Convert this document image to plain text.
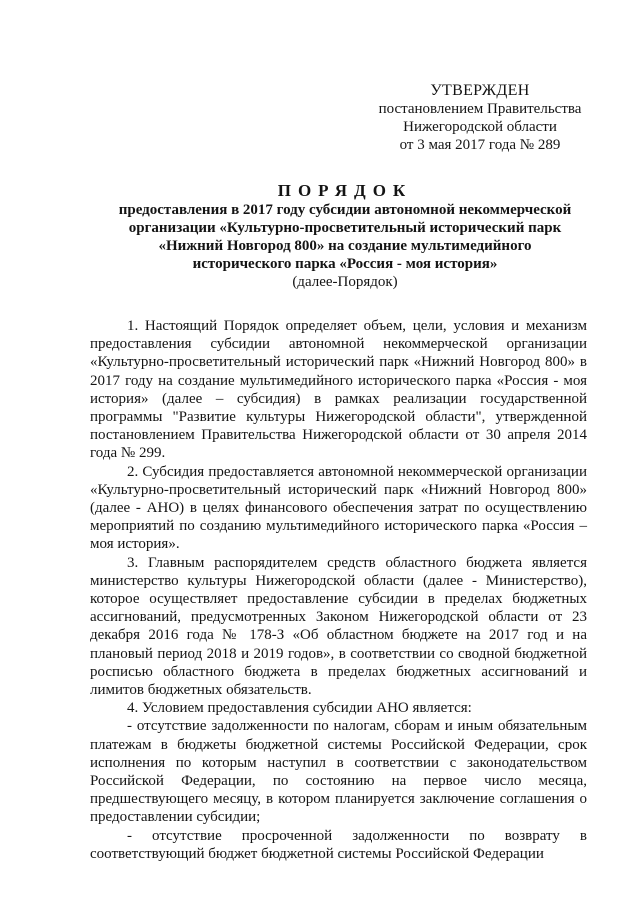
УТВЕРЖДЕН
постановлением Правительства
Нижегородской области
от 3 мая 2017 года № 289
ПОРЯДОК
предоставления в 2017 году субсидии автономной некоммерческой
организации «Культурно-просветительный исторический парк
«Нижний Новгород 800» на создание мультимедийного
исторического парка «Россия - моя история»
(далее-Порядок)

1. Настоящий Порядок определяет объем, цели, условия и механизм предоставления субсидии автономной некоммерческой организации «Культурно-просветительный исторический парк «Нижний Новгород 800» в 2017 году на создание мультимедийного исторического парка «Россия - моя история» (далее – субсидия) в рамках реализации государственной программы "Развитие культуры Нижегородской области", утвержденной постановлением Правительства Нижегородской области от 30 апреля 2014 года № 299.

2. Субсидия предоставляется автономной некоммерческой организации «Культурно-просветительный исторический парк «Нижний Новгород 800» (далее - АНО) в целях финансового обеспечения затрат по осуществлению мероприятий по созданию мультимедийного исторического парка «Россия – моя история».

3. Главным распорядителем средств областного бюджета является министерство культуры Нижегородской области (далее - Министерство), которое осуществляет предоставление субсидии в пределах бюджетных ассигнований, предусмотренных Законом Нижегородской области от 23 декабря 2016 года № 178-З «Об областном бюджете на 2017 год и на плановый период 2018 и 2019 годов», в соответствии со сводной бюджетной росписью областного бюджета в пределах бюджетных ассигнований и лимитов бюджетных обязательств.

4. Условием предоставления субсидии АНО является:

- отсутствие задолженности по налогам, сборам и иным обязательным платежам в бюджеты бюджетной системы Российской Федерации, срок исполнения по которым наступил в соответствии с законодательством Российской Федерации, по состоянию на первое число месяца, предшествующего месяцу, в котором планируется заключение соглашения о предоставлении субсидии;

- отсутствие просроченной задолженности по возврату в соответствующий бюджет бюджетной системы Российской Федерации
